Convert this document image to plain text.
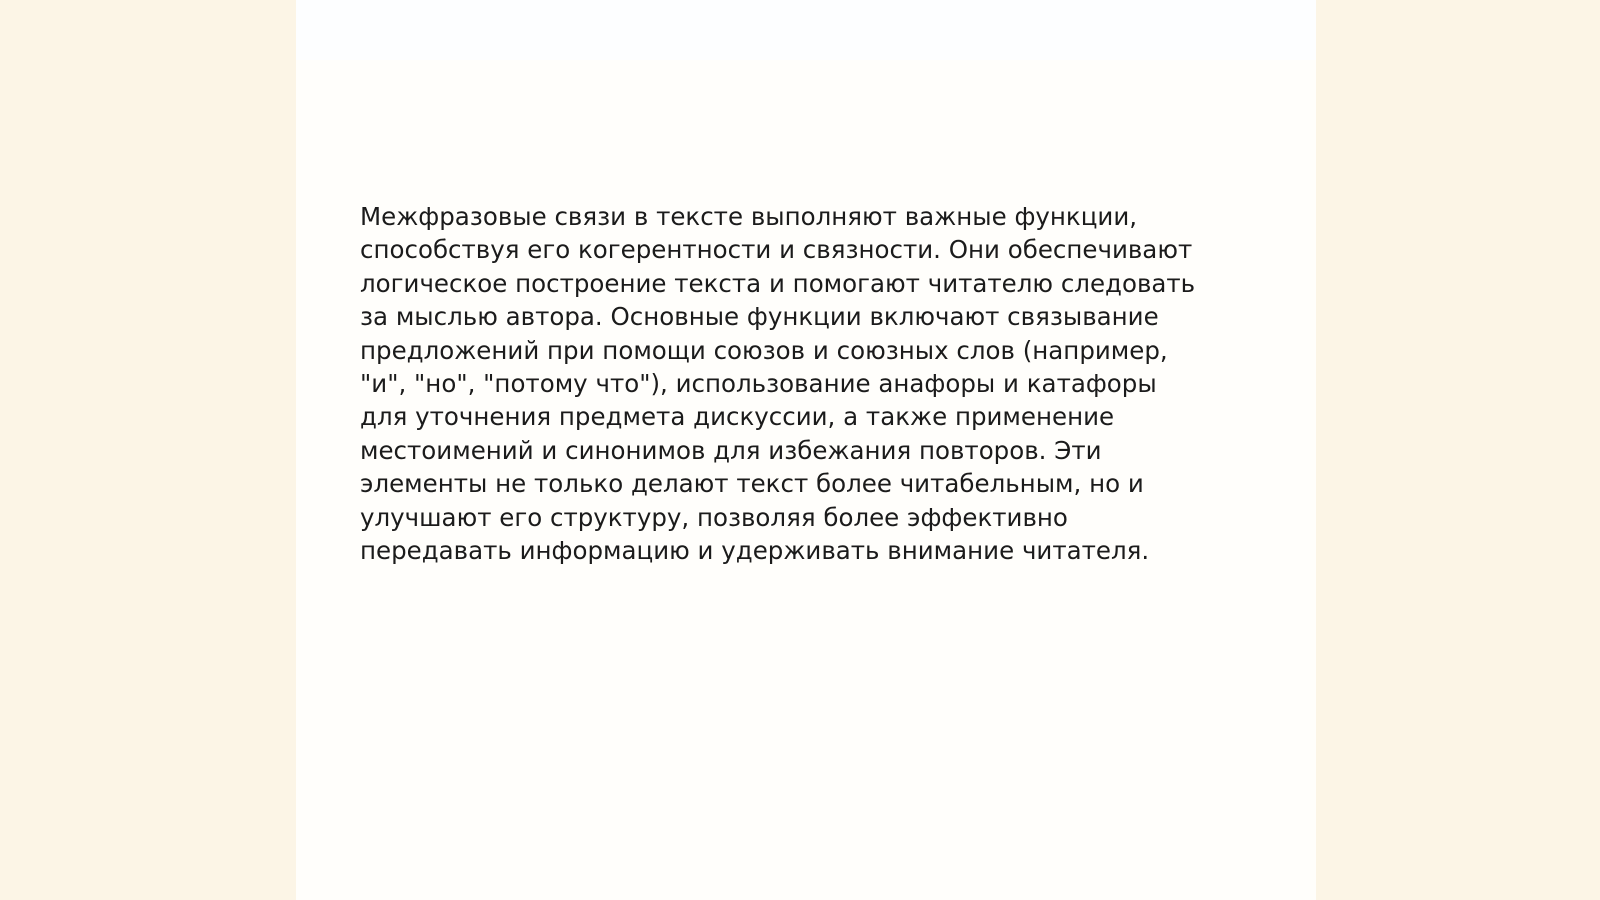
Межфразовые связи в тексте выполняют важные функции,
способствуя его когерентности и связности. Они обеспечивают
логическое построение текста и помогают читателю следовать
за мыслью автора. Основные функции включают связывание
предложений при помощи союзов и союзных слов (например,
"и", "но", "потому что"), использование анафоры и катафоры
для уточнения предмета дискуссии, а также применение
местоимений и синонимов для избежания повторов. Эти
элементы не только делают текст более читабельным, но и
улучшают его структуру, позволяя более эффективно
передавать информацию и удерживать внимание читателя.
